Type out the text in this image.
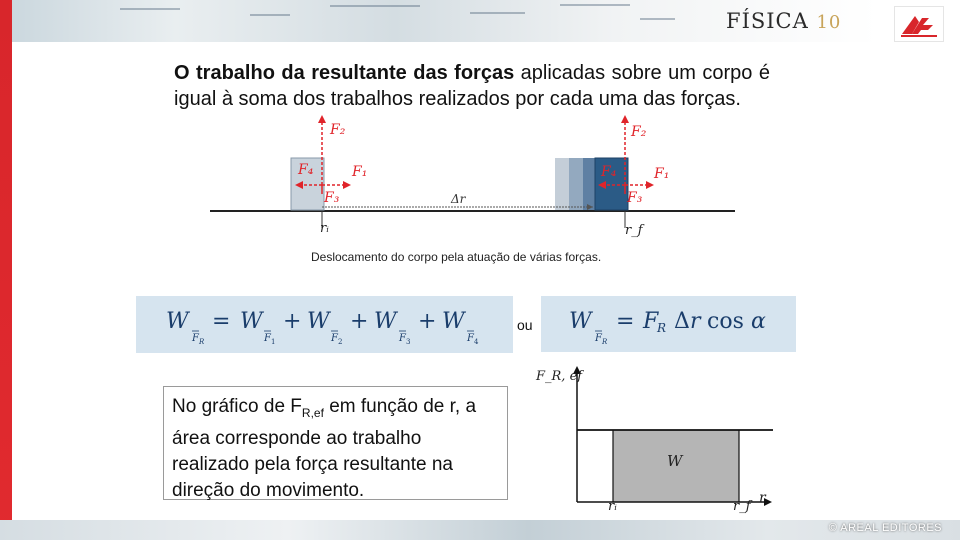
FÍSICA 10
O trabalho da resultante das forças aplicadas sobre um corpo é igual à soma dos trabalhos realizados por cada uma das forças.
Δr
F₂
F₁
F₄
F₃
rᵢ
F₂
F₁
F₄
F₃
r_f
Deslocamento do corpo pela atuação de várias forças.
W
F R
= W
F 1
+ W
F 2
+ W
F 3
+ W
F 4
ou W
F R
= F
R Δ r cos α
No gráfico de $F_{R,ef}$ em função de r, a área corresponde ao trabalho realizado pela força resultante na direção do movimento.
F_R, ef
r
rᵢ	r_f
W
© AREAL EDITORES
